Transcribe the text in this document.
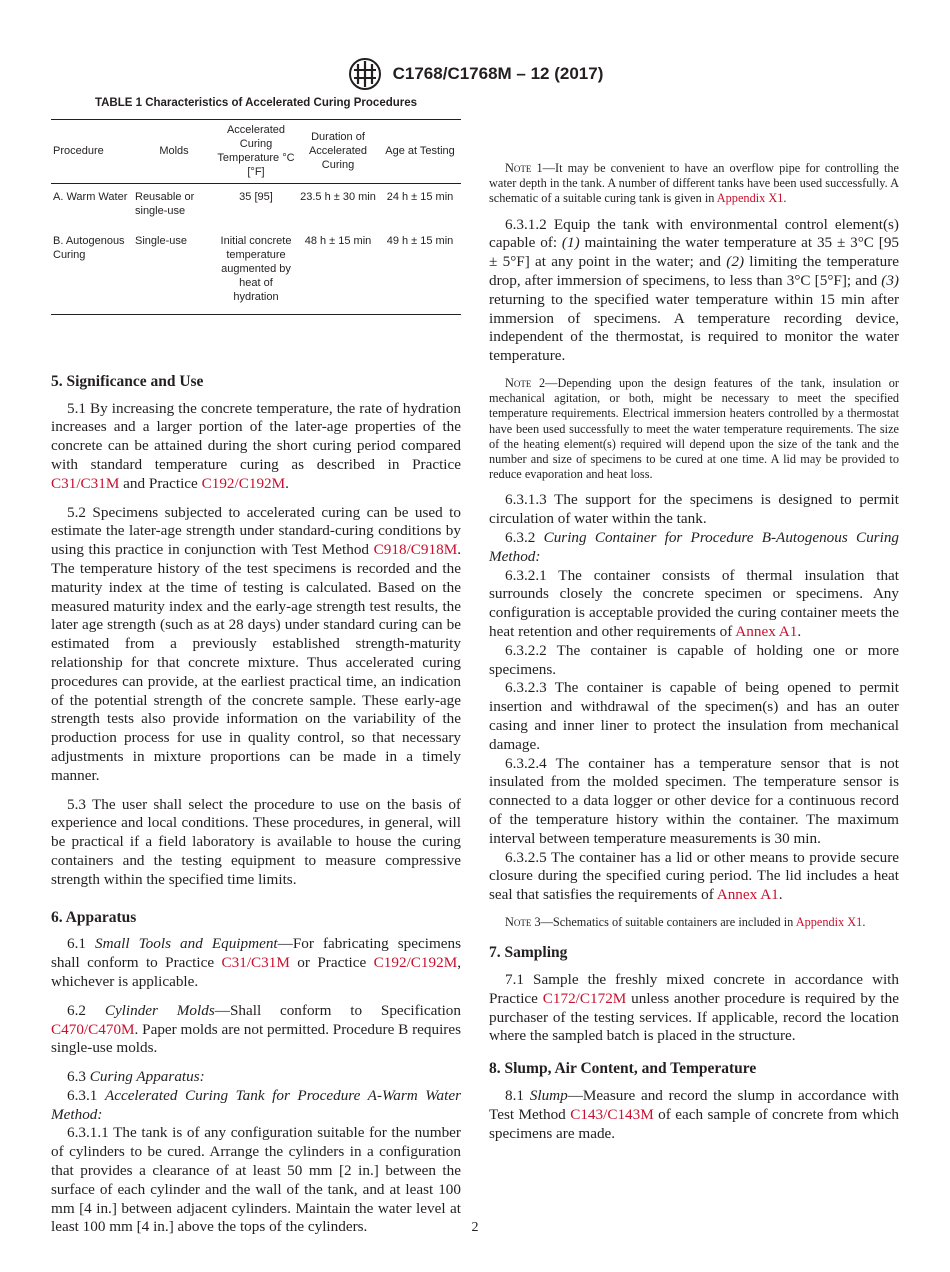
C1768/C1768M – 12 (2017)
TABLE 1 Characteristics of Accelerated Curing Procedures
Procedure	Molds	Accelerated Curing Temperature °C [°F]	Duration of Accelerated Curing	Age at Testing
A. Warm Water	Reusable or single-use	35 [95]	23.5 h ± 30 min	24 h ± 15 min
B. Autogenous Curing	Single-use	Initial concrete temperature augmented by heat of hydration	48 h ± 15 min	49 h ± 15 min
5. Significance and Use

5.1 By increasing the concrete temperature, the rate of hydration increases and a larger portion of the later-age properties of the concrete can be attained during the short curing period compared with standard temperature curing as described in Practice C31/C31M and Practice C192/C192M.

5.2 Specimens subjected to accelerated curing can be used to estimate the later-age strength under standard-curing conditions by using this practice in conjunction with Test Method C918/C918M. The temperature history of the test specimens is recorded and the maturity index at the time of testing is calculated. Based on the measured maturity index and the early-age strength test results, the later age strength (such as at 28 days) under standard curing can be estimated from a previously established strength-maturity relationship for that concrete mixture. Thus accelerated curing procedures can provide, at the earliest practical time, an indication of the potential strength of the concrete sample. These early-age strength tests also provide information on the variability of the production process for use in quality control, so that necessary adjustments in mixture proportions can be made in a timely manner.

5.3 The user shall select the procedure to use on the basis of experience and local conditions. These procedures, in general, will be practical if a field laboratory is available to house the curing containers and the testing equipment to measure compressive strength within the specified time limits.

6. Apparatus

6.1 Small Tools and Equipment—For fabricating specimens shall conform to Practice C31/C31M or Practice C192/C192M, whichever is applicable.

6.2 Cylinder Molds—Shall conform to Specification C470/C470M. Paper molds are not permitted. Procedure B requires single-use molds.

6.3 Curing Apparatus:

6.3.1 Accelerated Curing Tank for Procedure A-Warm Water Method:

6.3.1.1 The tank is of any configuration suitable for the number of cylinders to be cured. Arrange the cylinders in a configuration that provides a clearance of at least 50 mm [2 in.] between the surface of each cylinder and the wall of the tank, and at least 100 mm [4 in.] between adjacent cylinders. Maintain the water level at least 100 mm [4 in.] above the tops of the cylinders.

Note 1—It may be convenient to have an overflow pipe for controlling the water depth in the tank. A number of different tanks have been used successfully. A schematic of a suitable curing tank is given in Appendix X1.

6.3.1.2 Equip the tank with environmental control element(s) capable of: (1) maintaining the water temperature at 35 ± 3°C [95 ± 5°F] at any point in the water; and (2) limiting the temperature drop, after immersion of specimens, to less than 3°C [5°F]; and (3) returning to the specified water temperature within 15 min after immersion of specimens. A temperature recording device, independent of the thermostat, is required to monitor the water temperature.

Note 2—Depending upon the design features of the tank, insulation or mechanical agitation, or both, might be necessary to meet the specified temperature requirements. Electrical immersion heaters controlled by a thermostat have been used successfully to meet the water temperature requirements. The size of the heating element(s) required will depend upon the size of the tank and the number and size of specimens to be cured at one time. A lid may be provided to reduce evaporation and heat loss.

6.3.1.3 The support for the specimens is designed to permit circulation of water within the tank.

6.3.2 Curing Container for Procedure B-Autogenous Curing Method:

6.3.2.1 The container consists of thermal insulation that surrounds closely the concrete specimen or specimens. Any configuration is acceptable provided the curing container meets the heat retention and other requirements of Annex A1.

6.3.2.2 The container is capable of holding one or more specimens.

6.3.2.3 The container is capable of being opened to permit insertion and withdrawal of the specimen(s) and has an outer casing and inner liner to protect the insulation from mechanical damage.

6.3.2.4 The container has a temperature sensor that is not insulated from the molded specimen. The temperature sensor is connected to a data logger or other device for a continuous record of the temperature history within the container. The maximum interval between temperature measurements is 30 min.

6.3.2.5 The container has a lid or other means to provide secure closure during the specified curing period. The lid includes a heat seal that satisfies the requirements of Annex A1.

Note 3—Schematics of suitable containers are included in Appendix X1.

7. Sampling

7.1 Sample the freshly mixed concrete in accordance with Practice C172/C172M unless another procedure is required by the purchaser of the testing services. If applicable, record the location where the sampled batch is placed in the structure.

8. Slump, Air Content, and Temperature

8.1 Slump—Measure and record the slump in accordance with Test Method C143/C143M of each sample of concrete from which specimens are made.

2
